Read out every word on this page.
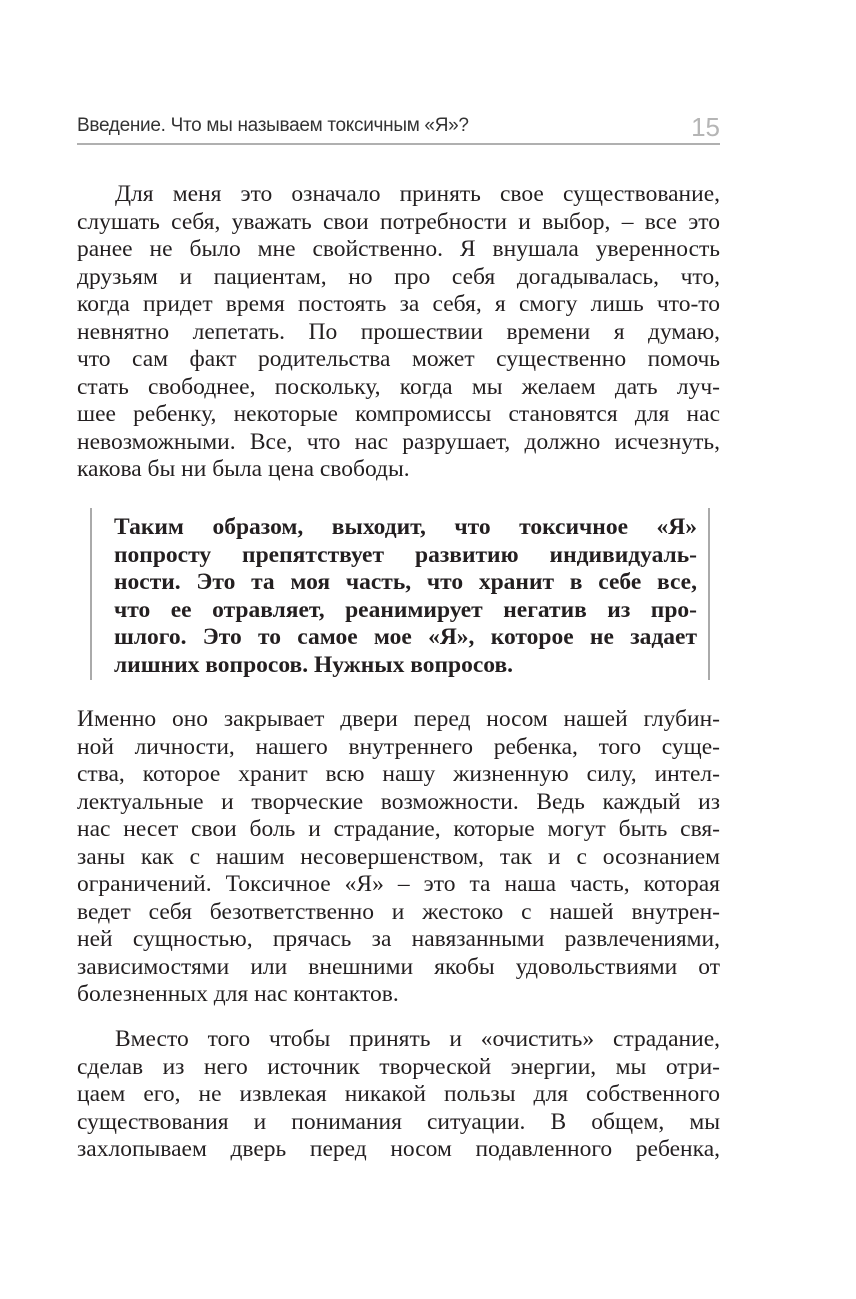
Введение. Что мы называем токсичным «Я»?	15
Для меня это означало принять свое существование,
слушать себя, уважать свои потребности и выбор, – все это
ранее не было мне свойственно. Я внушала уверенность
друзьям и пациентам, но про себя догадывалась, что,
когда придет время постоять за себя, я смогу лишь что-то
невнятно лепетать. По прошествии времени я думаю,
что сам факт родительства может существенно помочь
стать свободнее, поскольку, когда мы желаем дать луч-
шее ребенку, некоторые компромиссы становятся для нас
невозможными. Все, что нас разрушает, должно исчезнуть,
какова бы ни была цена свободы.
Таким образом, выходит, что токсичное «Я»
попросту препятствует развитию индивидуаль-
ности. Это та моя часть, что хранит в себе все,
что ее отравляет, реанимирует негатив из про-
шлого. Это то самое мое «Я», которое не задает
лишних вопросов. Нужных вопросов.
Именно оно закрывает двери перед носом нашей глубин-
ной личности, нашего внутреннего ребенка, того суще-
ства, которое хранит всю нашу жизненную силу, интел-
лектуальные и творческие возможности. Ведь каждый из
нас несет свои боль и страдание, которые могут быть свя-
заны как с нашим несовершенством, так и с осознанием
ограничений. Токсичное «Я» – это та наша часть, которая
ведет себя безответственно и жестоко с нашей внутрен-
ней сущностью, прячась за навязанными развлечениями,
зависимостями или внешними якобы удовольствиями от
болезненных для нас контактов.
Вместо того чтобы принять и «очистить» страдание,
сделав из него источник творческой энергии, мы отри-
цаем его, не извлекая никакой пользы для собственного
существования и понимания ситуации. В общем, мы
захлопываем дверь перед носом подавленного ребенка,
